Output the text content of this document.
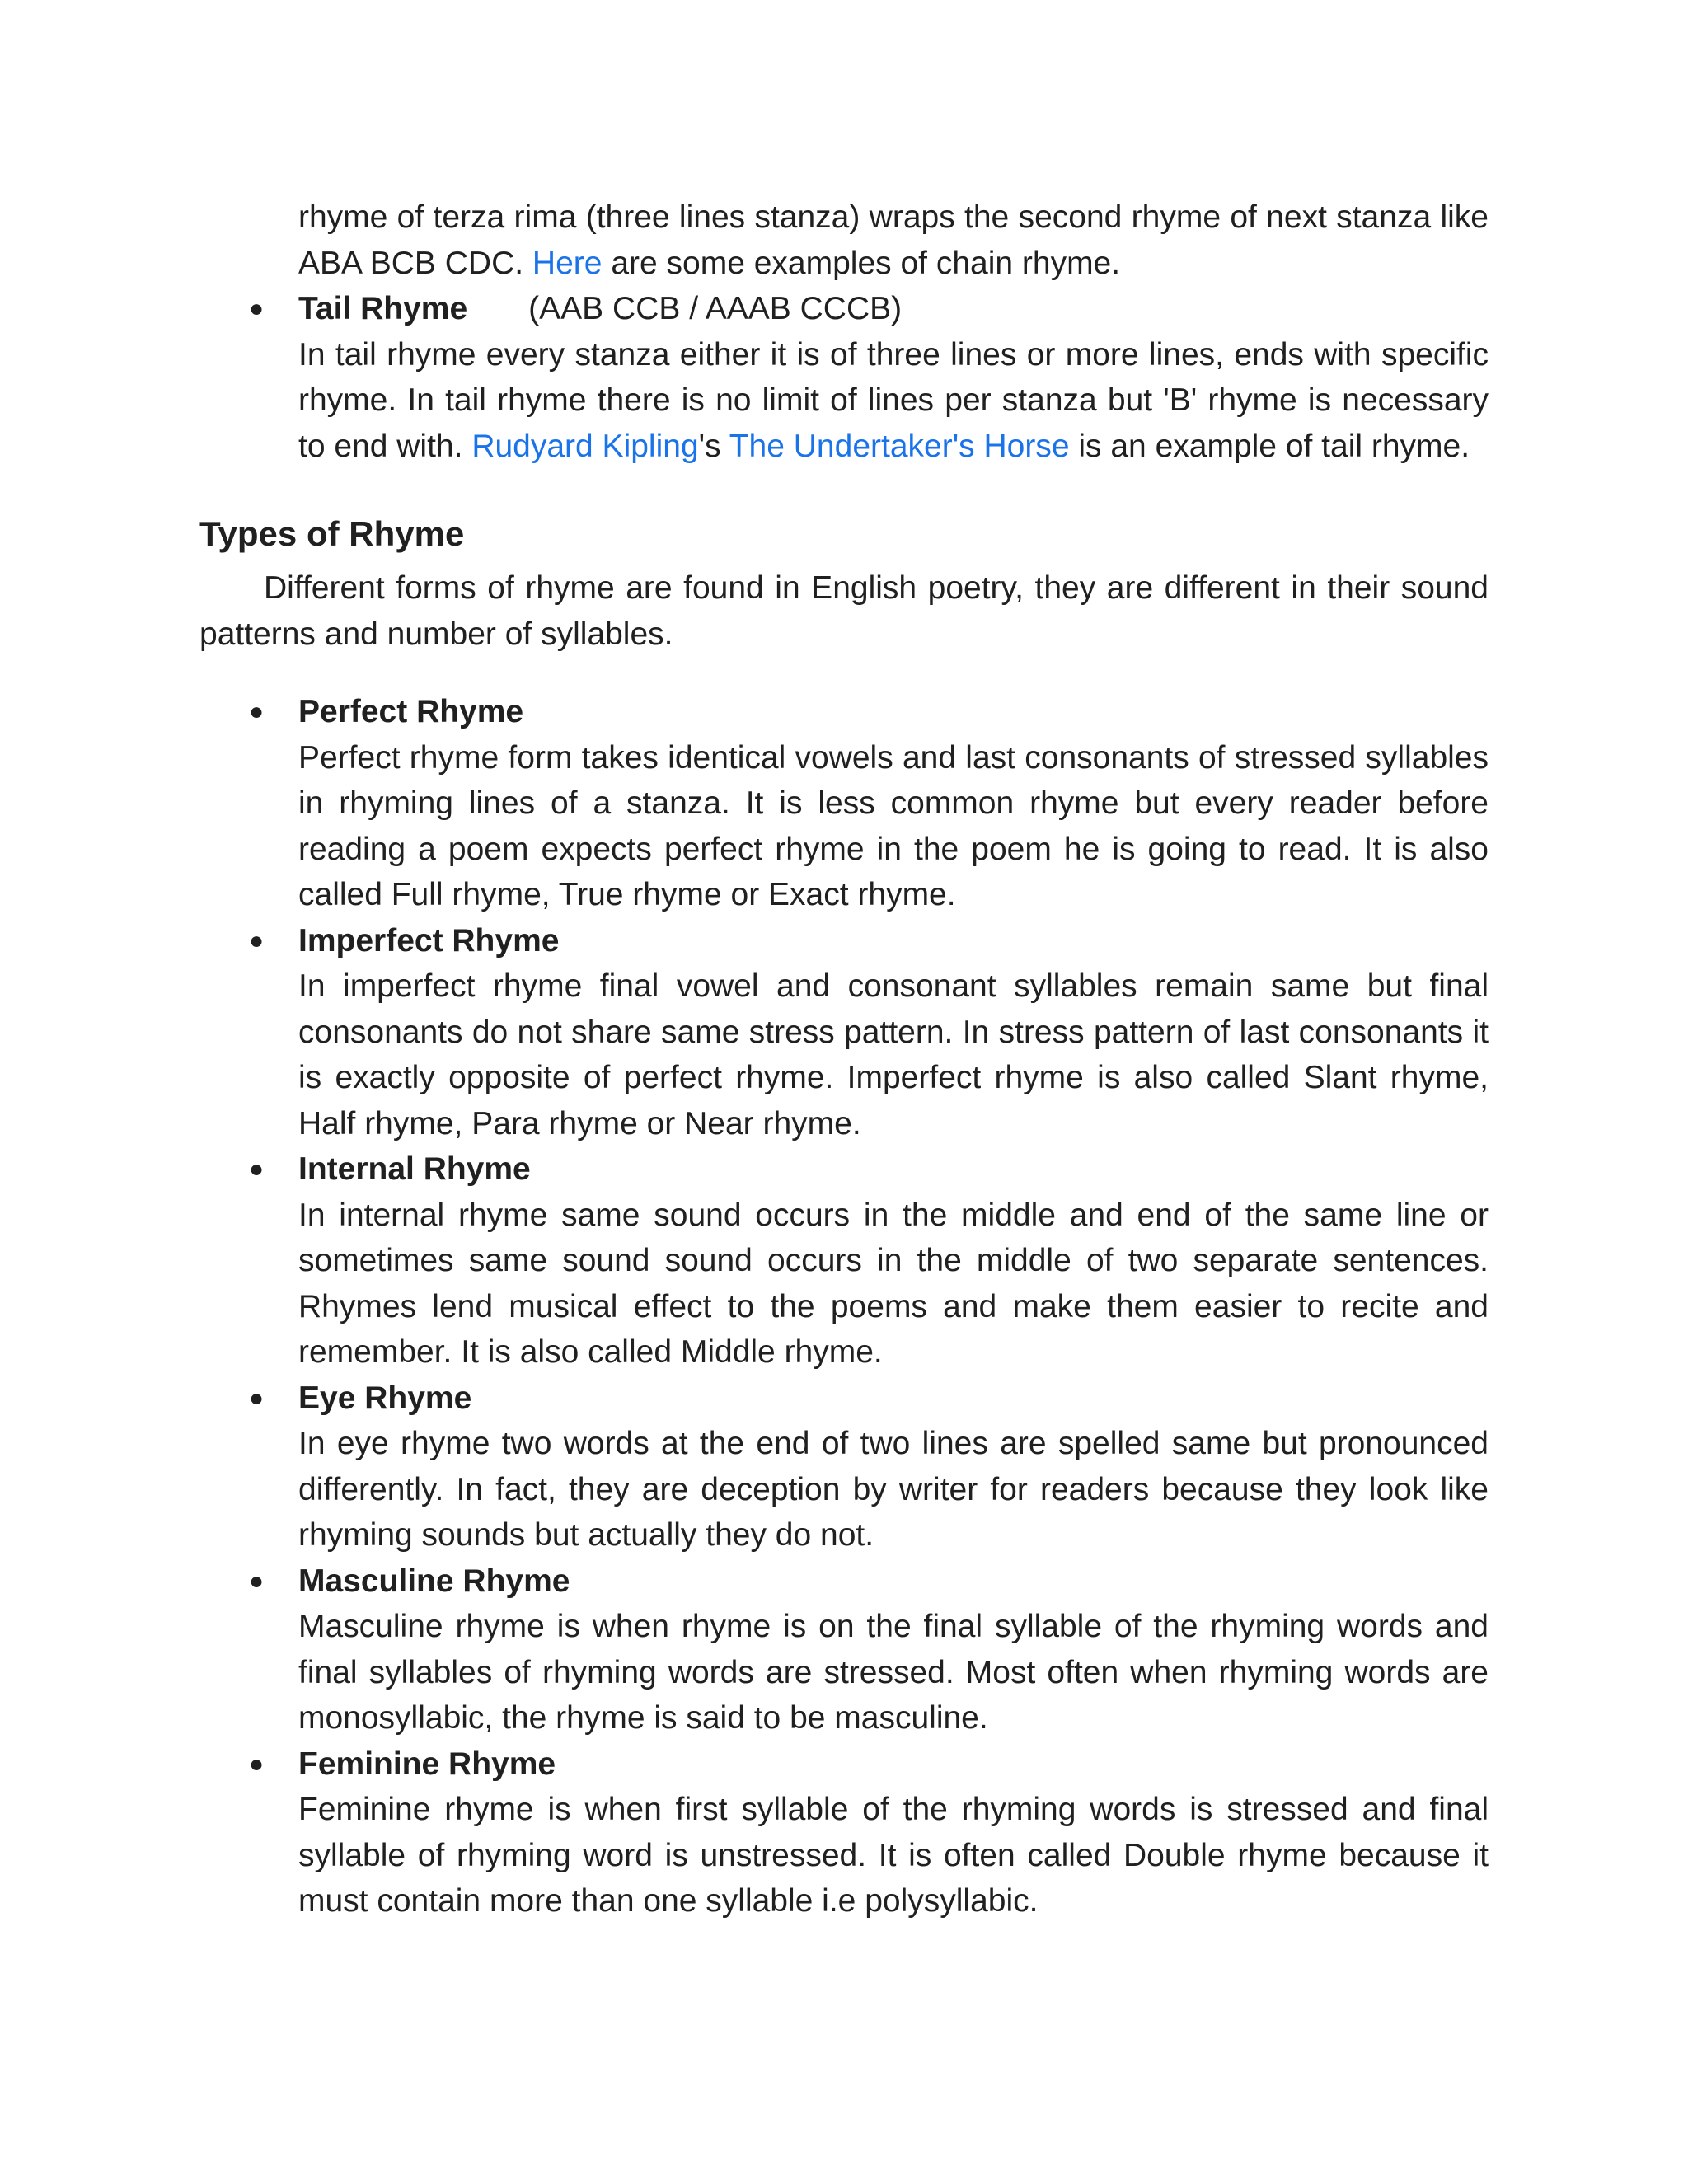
rhyme of terza rima (three lines stanza) wraps the second rhyme of next stanza like ABA BCB CDC. Here are some examples of chain rhyme.
●	Tail Rhyme (AAB CCB / AAAB CCCB)
In tail rhyme every stanza either it is of three lines or more lines, ends with specific rhyme. In tail rhyme there is no limit of lines per stanza but 'B' rhyme is necessary to end with. Rudyard Kipling's The Undertaker's Horse is an example of tail rhyme.
Types of Rhyme
Different forms of rhyme are found in English poetry, they are different in their sound patterns and number of syllables.
●	Perfect Rhyme
Perfect rhyme form takes identical vowels and last consonants of stressed syllables in rhyming lines of a stanza. It is less common rhyme but every reader before reading a poem expects perfect rhyme in the poem he is going to read. It is also called Full rhyme, True rhyme or Exact rhyme.
●	Imperfect Rhyme
In imperfect rhyme final vowel and consonant syllables remain same but final consonants do not share same stress pattern. In stress pattern of last consonants it is exactly opposite of perfect rhyme. Imperfect rhyme is also called Slant rhyme, Half rhyme, Para rhyme or Near rhyme.
●	Internal Rhyme
In internal rhyme same sound occurs in the middle and end of the same line or sometimes same sound sound occurs in the middle of two separate sentences. Rhymes lend musical effect to the poems and make them easier to recite and remember. It is also called Middle rhyme.
●	Eye Rhyme
In eye rhyme two words at the end of two lines are spelled same but pronounced differently. In fact, they are deception by writer for readers because they look like rhyming sounds but actually they do not.
●	Masculine Rhyme
Masculine rhyme is when rhyme is on the final syllable of the rhyming words and final syllables of rhyming words are stressed. Most often when rhyming words are monosyllabic, the rhyme is said to be masculine.
●	Feminine Rhyme
Feminine rhyme is when first syllable of the rhyming words is stressed and final syllable of rhyming word is unstressed. It is often called Double rhyme because it must contain more than one syllable i.e polysyllabic.
